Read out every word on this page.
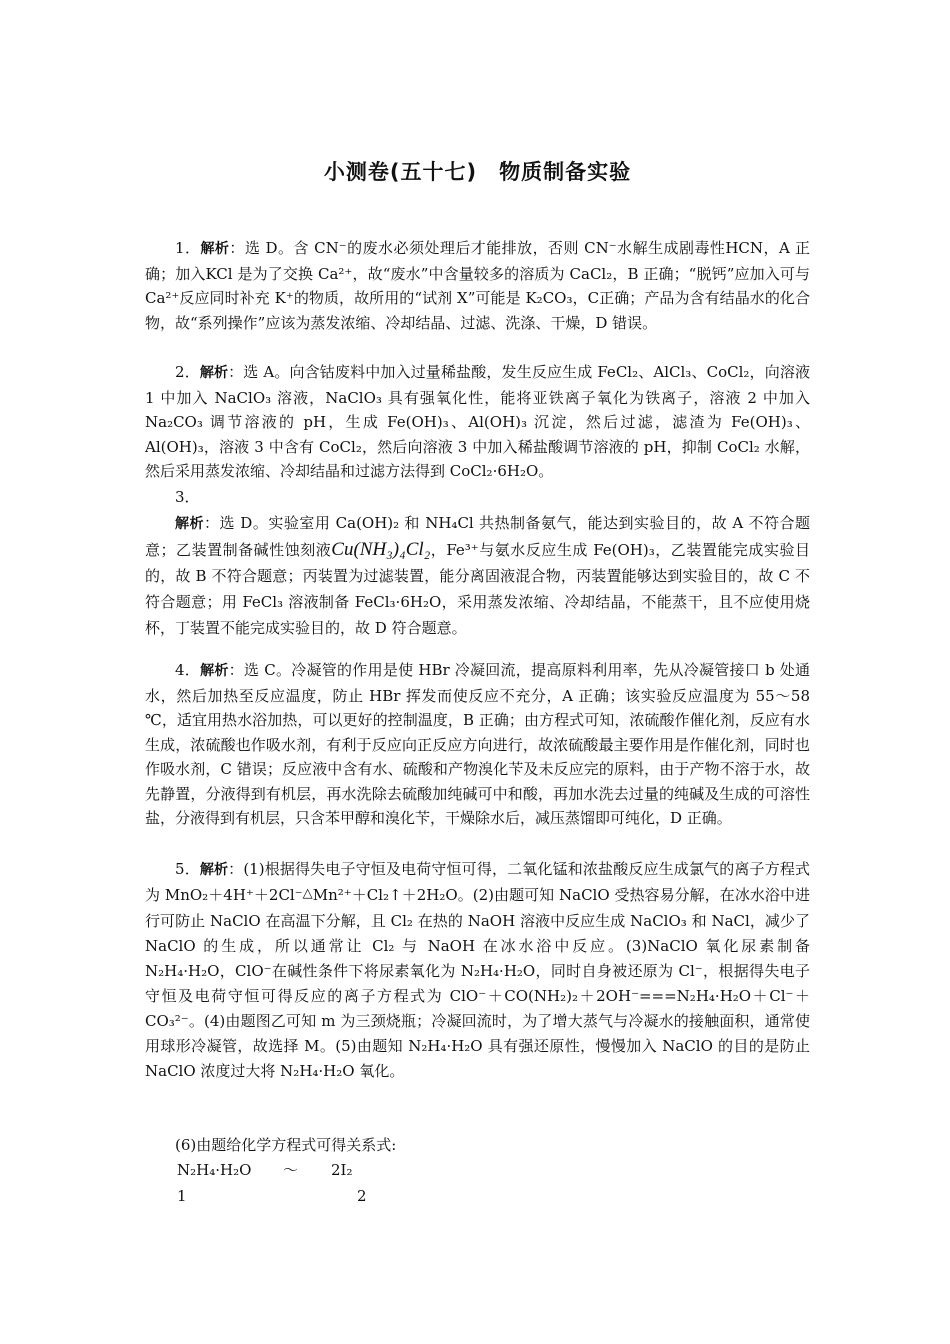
小测卷(五十七)　物质制备实验
1．解析：选 D。含 CN⁻的废水必须处理后才能排放，否则 CN⁻水解生成剧毒性HCN，A 正确；加入KCl 是为了交换 Ca²⁺，故“废水”中含量较多的溶质为 CaCl₂，B 正确；“脱钙”应加入可与 Ca²⁺反应同时补充 K⁺的物质，故所用的“试剂 X”可能是 K₂CO₃，C正确；产品为含有结晶水的化合物，故“系列操作”应该为蒸发浓缩、冷却结晶、过滤、洗涤、干燥，D 错误。
2．解析：选 A。向含钴废料中加入过量稀盐酸，发生反应生成 FeCl₂、AlCl₃、CoCl₂，向溶液 1 中加入 NaClO₃ 溶液，NaClO₃ 具有强氧化性，能将亚铁离子氧化为铁离子，溶液 2 中加入 Na₂CO₃ 调节溶液的 pH，生成 Fe(OH)₃、Al(OH)₃ 沉淀，然后过滤，滤渣为 Fe(OH)₃、Al(OH)₃，溶液 3 中含有 CoCl₂，然后向溶液 3 中加入稀盐酸调节溶液的 pH，抑制 CoCl₂ 水解，然后采用蒸发浓缩、冷却结晶和过滤方法得到 CoCl₂·6H₂O。
3．
解析：选 D。实验室用 Ca(OH)₂ 和 NH₄Cl 共热制备氨气，能达到实验目的，故 A 不符合题意；乙装置制备碱性蚀刻液Cu(NH₃)₄Cl₂，Fe³⁺与氨水反应生成 Fe(OH)₃，乙装置能完成实验目的，故 B 不符合题意；丙装置为过滤装置，能分离固液混合物，丙装置能够达到实验目的，故 C 不符合题意；用 FeCl₃ 溶液制备 FeCl₃·6H₂O，采用蒸发浓缩、冷却结晶，不能蒸干，且不应使用烧杯，丁装置不能完成实验目的，故 D 符合题意。
4．解析：选 C。冷凝管的作用是使 HBr 冷凝回流，提高原料利用率，先从冷凝管接口 b 处通水，然后加热至反应温度，防止 HBr 挥发而使反应不充分，A 正确；该实验反应温度为 55～58 ℃，适宜用热水浴加热，可以更好的控制温度，B 正确；由方程式可知，浓硫酸作催化剂，反应有水生成，浓硫酸也作吸水剂，有利于反应向正反应方向进行，故浓硫酸最主要作用是作催化剂，同时也作吸水剂，C 错误；反应液中含有水、硫酸和产物溴化苄及未反应完的原料，由于产物不溶于水，故先静置，分液得到有机层，再水洗除去硫酸加纯碱可中和酸，再加水洗去过量的纯碱及生成的可溶性盐，分液得到有机层，只含苯甲醇和溴化苄，干燥除水后，减压蒸馏即可纯化，D 正确。
5．解析：(1)根据得失电子守恒及电荷守恒可得，二氧化锰和浓盐酸反应生成氯气的离子方程式为 MnO₂＋4H⁺＋2Cl⁻△Mn²⁺＋Cl₂↑＋2H₂O。(2)由题可知 NaClO 受热容易分解，在冰水浴中进行可防止 NaClO 在高温下分解，且 Cl₂ 在热的 NaOH 溶液中反应生成 NaClO₃ 和 NaCl，减少了 NaClO 的生成，所以通常让 Cl₂ 与 NaOH 在冰水浴中反应。(3)NaClO 氧化尿素制备 N₂H₄·H₂O，ClO⁻在碱性条件下将尿素氧化为 N₂H₄·H₂O，同时自身被还原为 Cl⁻，根据得失电子守恒及电荷守恒可得反应的离子方程式为 ClO⁻＋CO(NH₂)₂＋2OH⁻===N₂H₄·H₂O＋Cl⁻＋CO₃²⁻。(4)由题图乙可知 m 为三颈烧瓶；冷凝回流时，为了增大蒸气与冷凝水的接触面积，通常使用球形冷凝管，故选择 M。(5)由题知 N₂H₄·H₂O 具有强还原性，慢慢加入 NaClO 的目的是防止 NaClO 浓度过大将 N₂H₄·H₂O 氧化。
(6)由题给化学方程式可得关系式:
N₂H₄·H₂O ～ 2I₂
1	2
